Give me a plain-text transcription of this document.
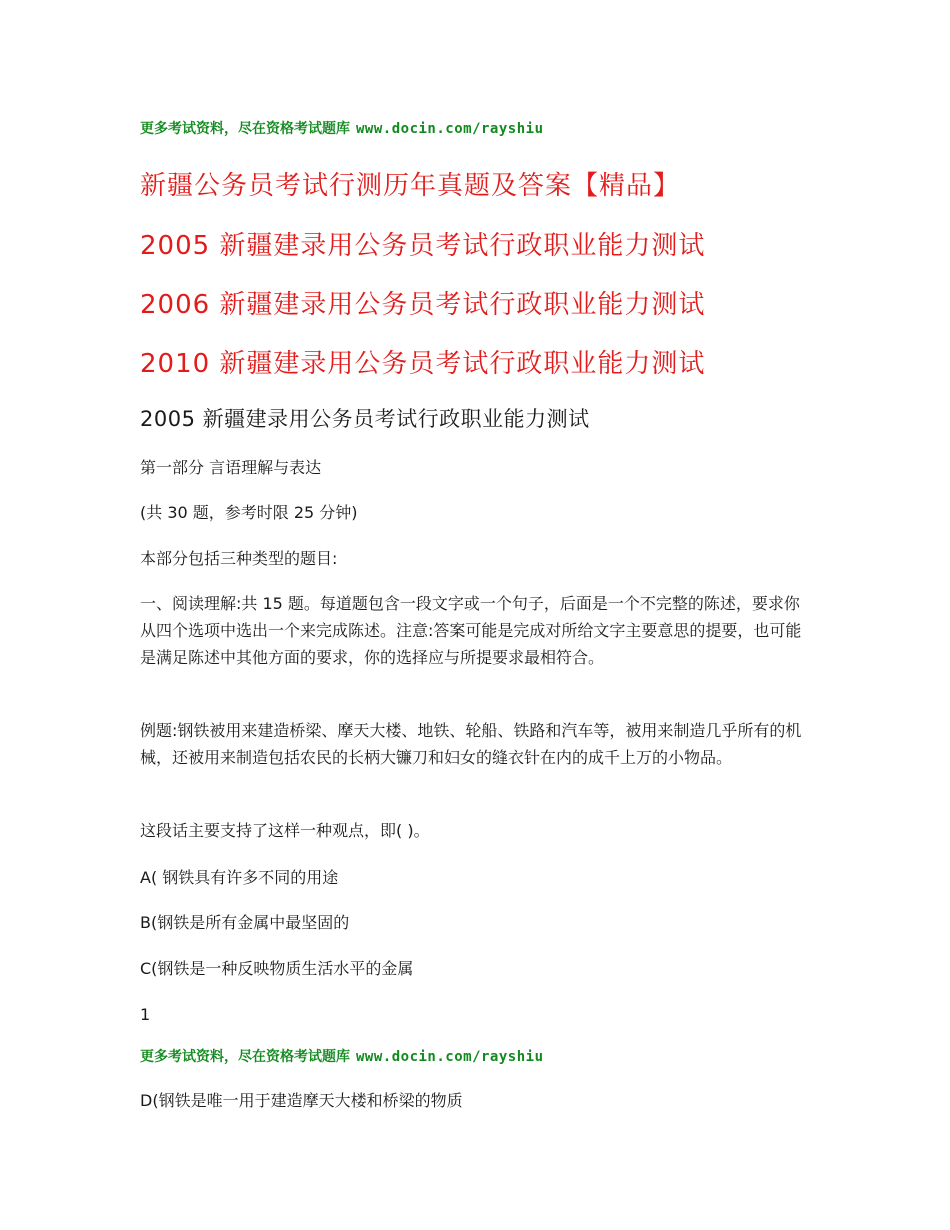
更多考试资料，尽在资格考试题库 www.docin.com/rayshiu
新疆公务员考试行测历年真题及答案【精品】
2005 新疆建录用公务员考试行政职业能力测试
2006 新疆建录用公务员考试行政职业能力测试
2010 新疆建录用公务员考试行政职业能力测试
2005 新疆建录用公务员考试行政职业能力测试
第一部分 言语理解与表达
(共 30 题，参考时限 25 分钟)
本部分包括三种类型的题目:
一、阅读理解:共 15 题。每道题包含一段文字或一个句子，后面是一个不完整的陈述，要求你从四个选项中选出一个来完成陈述。注意:答案可能是完成对所给文字主要意思的提要，也可能是满足陈述中其他方面的要求，你的选择应与所提要求最相符合。
例题:钢铁被用来建造桥梁、摩天大楼、地铁、轮船、铁路和汽车等，被用来制造几乎所有的机械，还被用来制造包括农民的长柄大镰刀和妇女的缝衣针在内的成千上万的小物品。
这段话主要支持了这样一种观点，即( )。
A( 钢铁具有许多不同的用途
B(钢铁是所有金属中最坚固的
C(钢铁是一种反映物质生活水平的金属
1
更多考试资料，尽在资格考试题库 www.docin.com/rayshiu
D(钢铁是唯一用于建造摩天大楼和桥梁的物质
